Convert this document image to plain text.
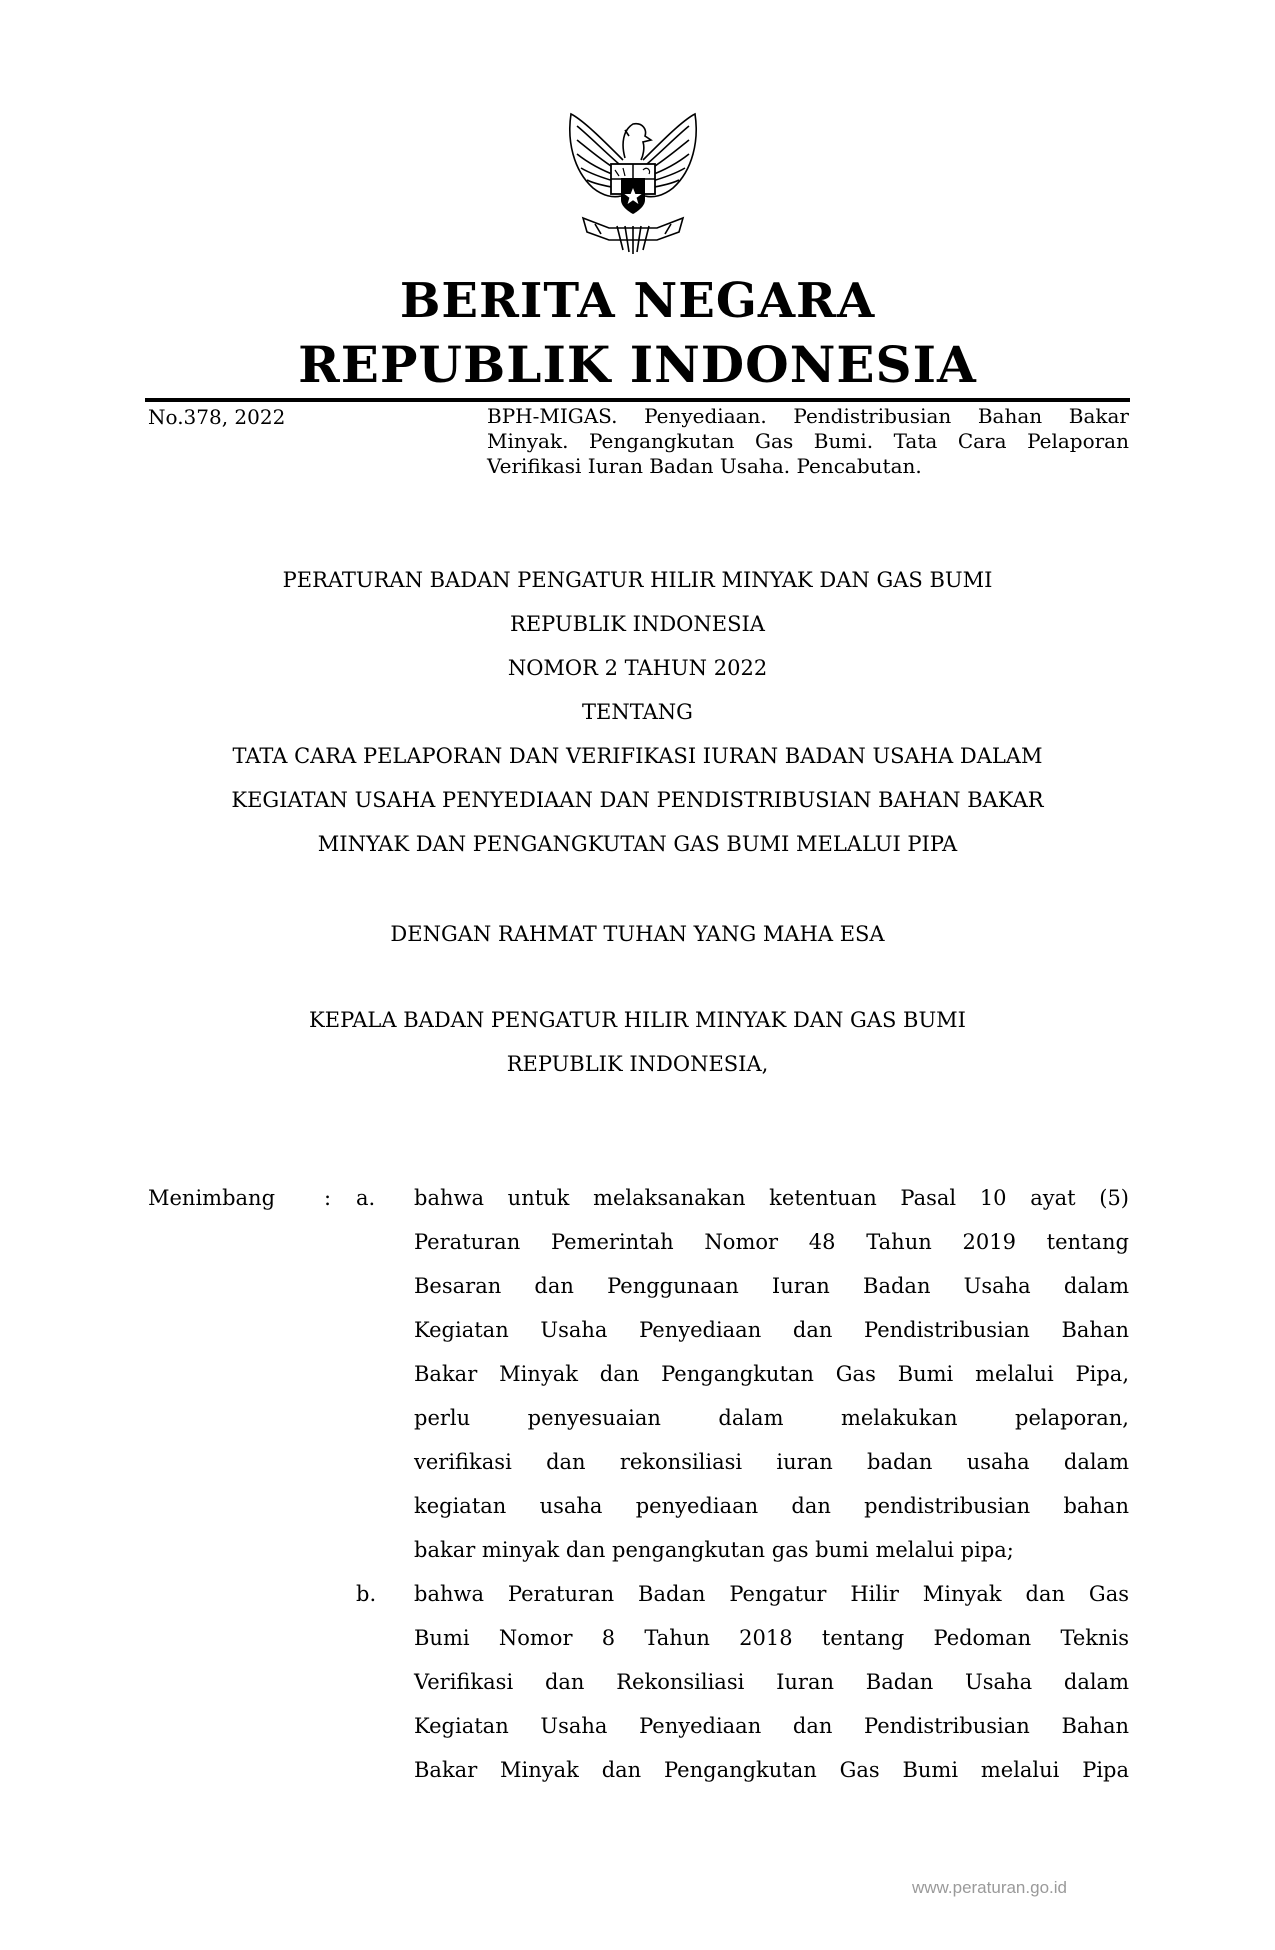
BERITA NEGARA
REPUBLIK INDONESIA
No.378, 2022	BPH-MIGAS. Penyediaan. Pendistribusian Bahan Bakar Minyak. Pengangkutan Gas Bumi. Tata Cara Pelaporan Verifikasi Iuran Badan Usaha. Pencabutan.
PERATURAN BADAN PENGATUR HILIR MINYAK DAN GAS BUMI
REPUBLIK INDONESIA
NOMOR 2 TAHUN 2022
TENTANG
TATA CARA PELAPORAN DAN VERIFIKASI IURAN BADAN USAHA DALAM
KEGIATAN USAHA PENYEDIAAN DAN PENDISTRIBUSIAN BAHAN BAKAR
MINYAK DAN PENGANGKUTAN GAS BUMI MELALUI PIPA
DENGAN RAHMAT TUHAN YANG MAHA ESA
KEPALA BADAN PENGATUR HILIR MINYAK DAN GAS BUMI
REPUBLIK INDONESIA,
Menimbang : a. bahwa untuk melaksanakan ketentuan Pasal 10 ayat (5)
Peraturan Pemerintah Nomor 48 Tahun 2019 tentang
Besaran dan Penggunaan Iuran Badan Usaha dalam
Kegiatan Usaha Penyediaan dan Pendistribusian Bahan
Bakar Minyak dan Pengangkutan Gas Bumi melalui Pipa,
perlu penyesuaian dalam melakukan pelaporan,
verifikasi dan rekonsiliasi iuran badan usaha dalam
kegiatan usaha penyediaan dan pendistribusian bahan
bakar minyak dan pengangkutan gas bumi melalui pipa;
b. bahwa Peraturan Badan Pengatur Hilir Minyak dan Gas
Bumi Nomor 8 Tahun 2018 tentang Pedoman Teknis
Verifikasi dan Rekonsiliasi Iuran Badan Usaha dalam
Kegiatan Usaha Penyediaan dan Pendistribusian Bahan
Bakar Minyak dan Pengangkutan Gas Bumi melalui Pipa
www.peraturan.go.id
